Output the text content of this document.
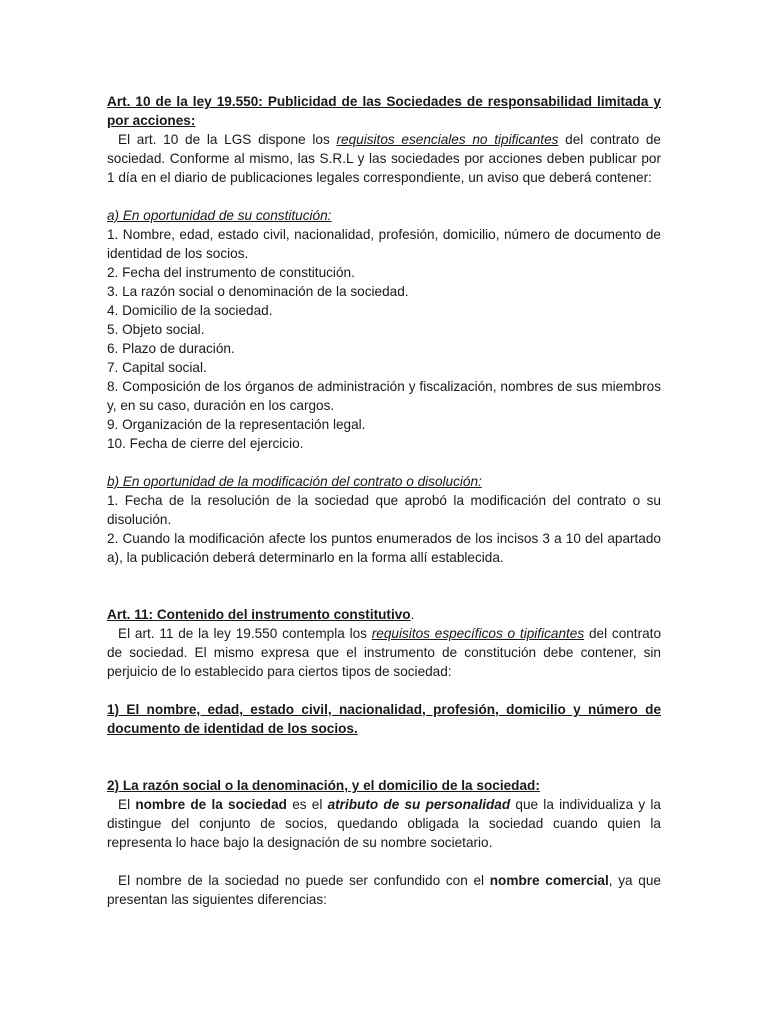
Art. 10 de la ley 19.550: Publicidad de las Sociedades de responsabilidad limitada y por acciones:

El art. 10 de la LGS dispone los requisitos esenciales no tipificantes del contrato de sociedad. Conforme al mismo, las S.R.L y las sociedades por acciones deben publicar por 1 día en el diario de publicaciones legales correspondiente, un aviso que deberá contener:

a) En oportunidad de su constitución:

1. Nombre, edad, estado civil, nacionalidad, profesión, domicilio, número de documento de identidad de los socios.

2. Fecha del instrumento de constitución.

3. La razón social o denominación de la sociedad.

4. Domicilio de la sociedad.

5. Objeto social.

6. Plazo de duración.

7. Capital social.

8. Composición de los órganos de administración y fiscalización, nombres de sus miembros y, en su caso, duración en los cargos.

9. Organización de la representación legal.

10. Fecha de cierre del ejercicio.

b) En oportunidad de la modificación del contrato o disolución:

1. Fecha de la resolución de la sociedad que aprobó la modificación del contrato o su disolución.

2. Cuando la modificación afecte los puntos enumerados de los incisos 3 a 10 del apartado a), la publicación deberá determinarlo en la forma allí establecida.

Art. 11: Contenido del instrumento constitutivo.

El art. 11 de la ley 19.550 contempla los requisitos específicos o tipificantes del contrato de sociedad. El mismo expresa que el instrumento de constitución debe contener, sin perjuicio de lo establecido para ciertos tipos de sociedad:

1) El nombre, edad, estado civil, nacionalidad, profesión, domicilio y número de documento de identidad de los socios.

2) La razón social o la denominación, y el domicilio de la sociedad:

El nombre de la sociedad es el atributo de su personalidad que la individualiza y la distingue del conjunto de socios, quedando obligada la sociedad cuando quien la representa lo hace bajo la designación de su nombre societario.

El nombre de la sociedad no puede ser confundido con el nombre comercial, ya que presentan las siguientes diferencias:
